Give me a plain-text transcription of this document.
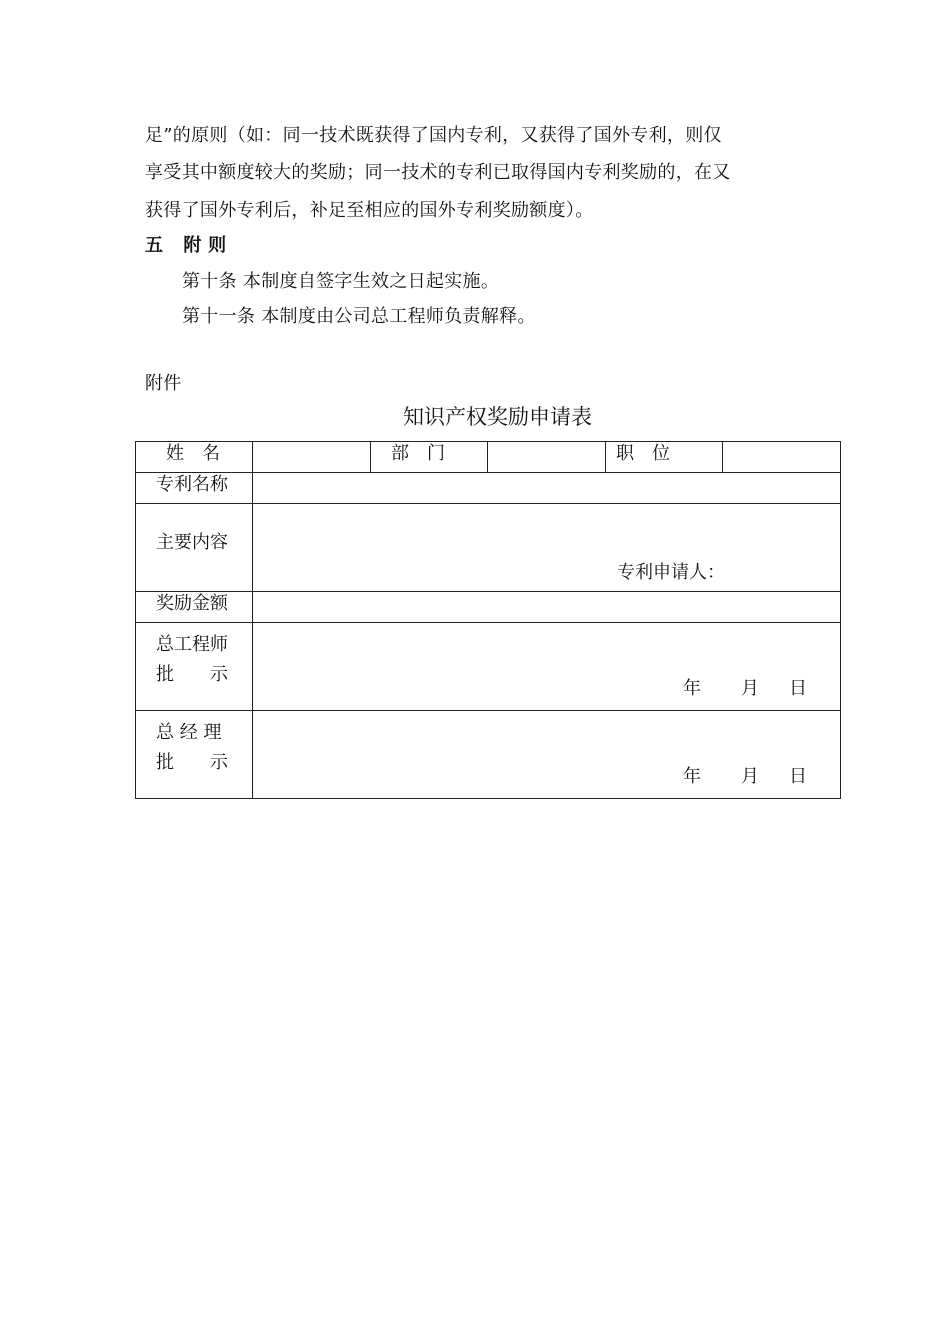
足”的原则（如：同一技术既获得了国内专利，又获得了国外专利，则仅
享受其中额度较大的奖励；同一技术的专利已取得国内专利奖励的，在又
获得了国外专利后，补足至相应的国外专利奖励额度）。
五 附 则
第十条 本制度自签字生效之日起实施。
第十一条 本制度由公司总工程师负责解释。
附件
知识产权奖励申请表
姓　名		部　门		职　位	
专利名称					

主要内容	专利申请人：				

奖励金额					

总工程师
批　　示	年 月 日				

总 经 理
批　　示	年 月 日				
